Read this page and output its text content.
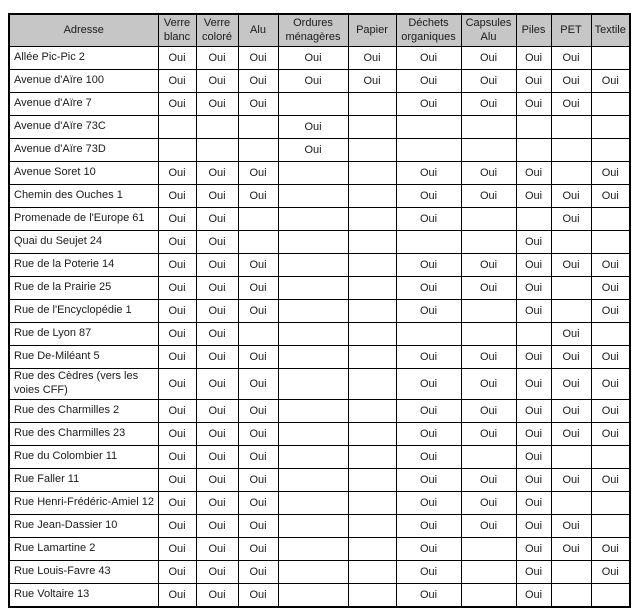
Adresse	Verre blanc	Verre coloré	Alu	Ordures ménagères	Papier	Déchets organiques	Capsules Alu	Piles	PET	Textile
Allée Pic-Pic 2	Oui	Oui	Oui	Oui	Oui	Oui	Oui	Oui	Oui	
Avenue d'Aïre 100	Oui	Oui	Oui	Oui	Oui	Oui	Oui	Oui	Oui	Oui
Avenue d'Aïre 7	Oui	Oui	Oui			Oui	Oui	Oui	Oui	
Avenue d'Aïre 73C				Oui						
Avenue d'Aïre 73D				Oui						
Avenue Soret 10	Oui	Oui	Oui			Oui	Oui	Oui		Oui
Chemin des Ouches 1	Oui	Oui	Oui			Oui	Oui	Oui	Oui	Oui
Promenade de l'Europe 61	Oui	Oui				Oui			Oui	
Quai du Seujet 24	Oui	Oui						Oui		
Rue de la Poterie 14	Oui	Oui	Oui			Oui	Oui	Oui	Oui	Oui
Rue de la Prairie 25	Oui	Oui	Oui			Oui	Oui	Oui		Oui
Rue de l'Encyclopédie 1	Oui	Oui	Oui			Oui		Oui		Oui
Rue de Lyon 87	Oui	Oui							Oui	
Rue De-Miléant 5	Oui	Oui	Oui			Oui	Oui	Oui	Oui	Oui
Rue des Cèdres (vers les voies CFF)	Oui	Oui	Oui			Oui	Oui	Oui	Oui	Oui
Rue des Charmilles 2	Oui	Oui	Oui			Oui	Oui	Oui	Oui	Oui
Rue des Charmilles 23	Oui	Oui	Oui			Oui	Oui	Oui	Oui	Oui
Rue du Colombier 11	Oui	Oui	Oui			Oui		Oui		
Rue Faller 11	Oui	Oui	Oui			Oui	Oui	Oui	Oui	Oui
Rue Henri-Frédéric-Amiel 12	Oui	Oui	Oui			Oui	Oui	Oui		
Rue Jean-Dassier 10	Oui	Oui	Oui			Oui	Oui	Oui	Oui	
Rue Lamartine 2	Oui	Oui	Oui			Oui		Oui	Oui	Oui
Rue Louis-Favre 43	Oui	Oui	Oui			Oui		Oui		Oui
Rue Voltaire 13	Oui	Oui	Oui			Oui		Oui		
